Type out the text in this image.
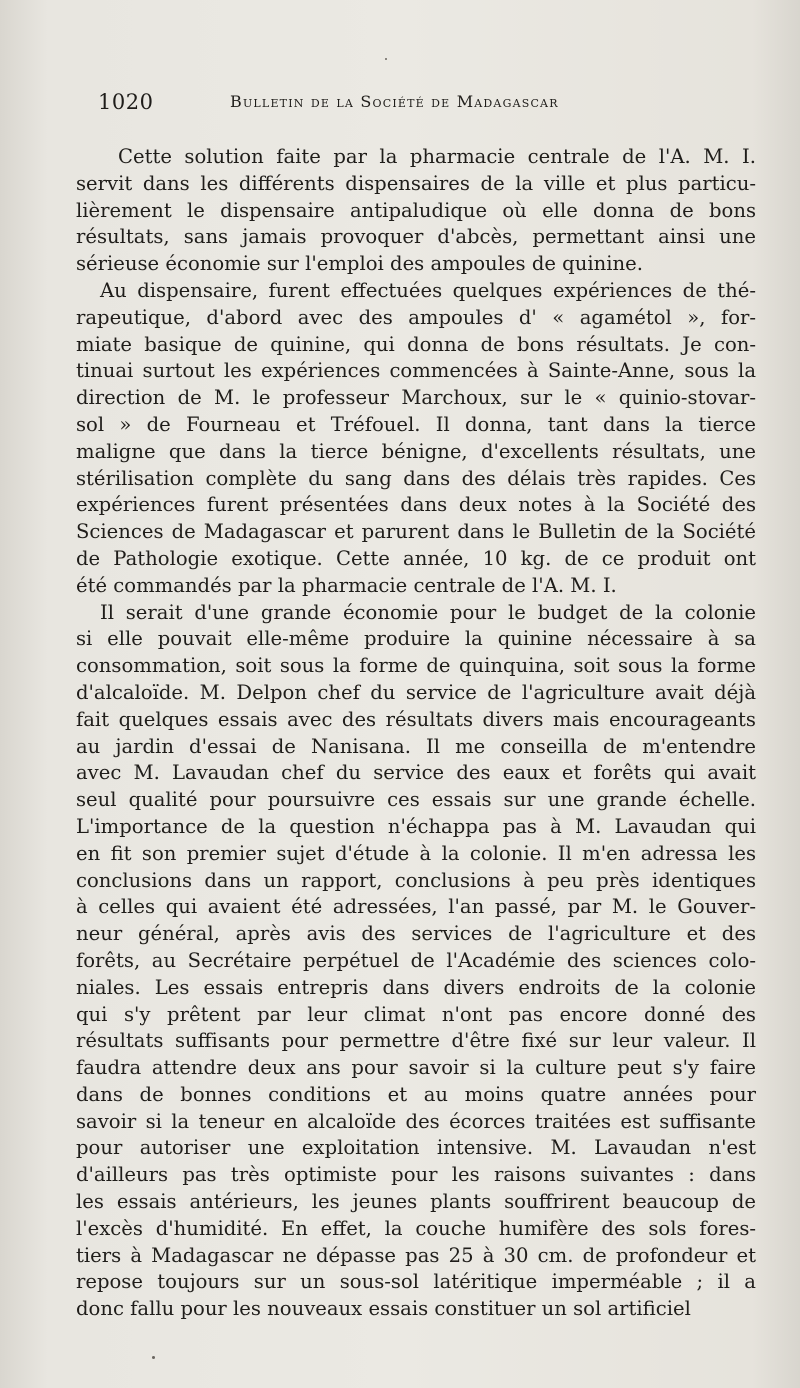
1020	Bulletin de la Société de Madagascar
Cette solution faite par la pharmacie centrale de l'A. M. I.
servit dans les différents dispensaires de la ville et plus particu-
lièrement le dispensaire antipaludique où elle donna de bons
résultats, sans jamais provoquer d'abcès, permettant ainsi une
sérieuse économie sur l'emploi des ampoules de quinine.
Au dispensaire, furent effectuées quelques expériences de thé-
rapeutique, d'abord avec des ampoules d' « agamétol », for-
miate basique de quinine, qui donna de bons résultats. Je con-
tinuai surtout les expériences commencées à Sainte-Anne, sous la
direction de M. le professeur Marchoux, sur le « quinio-stovar-
sol » de Fourneau et Tréfouel. Il donna, tant dans la tierce
maligne que dans la tierce bénigne, d'excellents résultats, une
stérilisation complète du sang dans des délais très rapides. Ces
expériences furent présentées dans deux notes à la Société des
Sciences de Madagascar et parurent dans le Bulletin de la Société
de Pathologie exotique. Cette année, 10 kg. de ce produit ont
été commandés par la pharmacie centrale de l'A. M. I.
Il serait d'une grande économie pour le budget de la colonie
si elle pouvait elle-même produire la quinine nécessaire à sa
consommation, soit sous la forme de quinquina, soit sous la forme
d'alcaloïde. M. Delpon chef du service de l'agriculture avait déjà
fait quelques essais avec des résultats divers mais encourageants
au jardin d'essai de Nanisana. Il me conseilla de m'entendre
avec M. Lavaudan chef du service des eaux et forêts qui avait
seul qualité pour poursuivre ces essais sur une grande échelle.
L'importance de la question n'échappa pas à M. Lavaudan qui
en fit son premier sujet d'étude à la colonie. Il m'en adressa les
conclusions dans un rapport, conclusions à peu près identiques
à celles qui avaient été adressées, l'an passé, par M. le Gouver-
neur général, après avis des services de l'agriculture et des
forêts, au Secrétaire perpétuel de l'Académie des sciences colo-
niales. Les essais entrepris dans divers endroits de la colonie
qui s'y prêtent par leur climat n'ont pas encore donné des
résultats suffisants pour permettre d'être fixé sur leur valeur. Il
faudra attendre deux ans pour savoir si la culture peut s'y faire
dans de bonnes conditions et au moins quatre années pour
savoir si la teneur en alcaloïde des écorces traitées est suffisante
pour autoriser une exploitation intensive. M. Lavaudan n'est
d'ailleurs pas très optimiste pour les raisons suivantes : dans
les essais antérieurs, les jeunes plants souffrirent beaucoup de
l'excès d'humidité. En effet, la couche humifère des sols fores-
tiers à Madagascar ne dépasse pas 25 à 30 cm. de profondeur et
repose toujours sur un sous-sol latéritique imperméable ; il a
donc fallu pour les nouveaux essais constituer un sol artificiel
